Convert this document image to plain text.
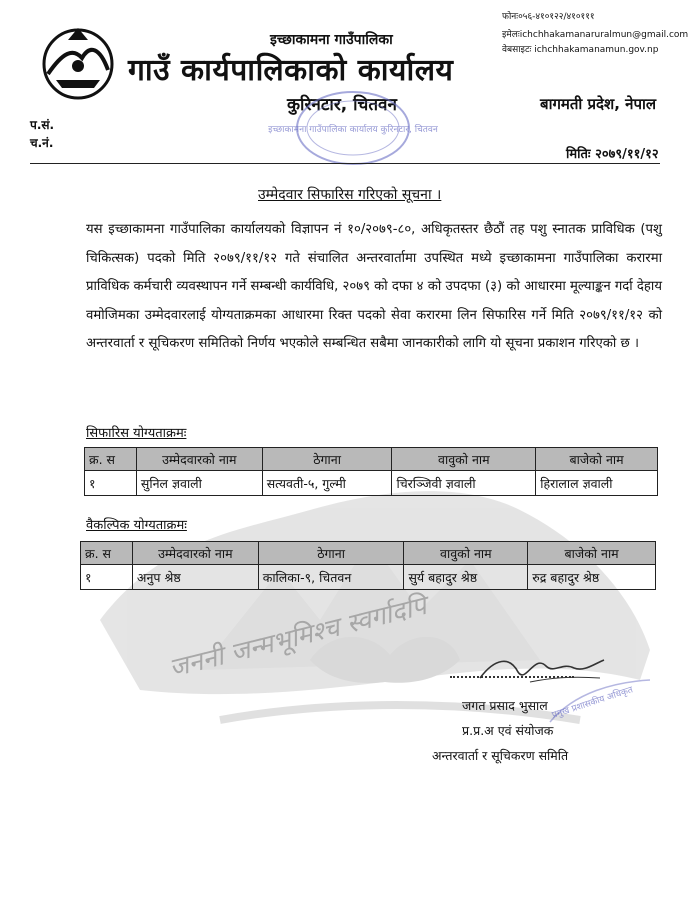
जननी जन्मभूमिश्च स्वर्गादपि
इच्छाकामना गाउँपालिका
गाउँ कार्यपालिकाको कार्यालय
कुरिनटार, चितवन	बागमती प्रदेश, नेपाल
फोनः०५६-४१०१२२/४१०१११
इमेलःichchhakamanaruralmun@gmail.com
वेबसाइटः ichchhakamanamun.gov.np
इच्छाकामना गाउँपालिका कार्यालय कुरिनटार, चितवन
प.सं.
च.नं.
मितिः २०७९/११/१२
उम्मेदवार सिफारिस गरिएको सूचना ।

यस इच्छाकामना गाउँपालिका कार्यालयको विज्ञापन नं १०/२०७९-८०, अधिकृतस्तर छैठौं तह पशु स्नातक प्राविधिक (पशु चिकित्सक) पदको मिति २०७९/११/१२ गते संचालित अन्तरवार्तामा उपस्थित मध्ये इच्छाकामना गाउँपालिका करारमा प्राविधिक कर्मचारी व्यवस्थापन गर्ने सम्बन्धी कार्यविधि, २०७९ को दफा ४ को उपदफा (३) को आधारमा मूल्याङ्कन गर्दा देहाय वमोजिमका उम्मेदवारलाई योग्यताक्रमका आधारमा रिक्त पदको सेवा करारमा लिन सिफारिस गर्ने मिति २०७९/११/१२ को अन्तरवार्ता र सूचिकरण समितिको निर्णय भएकोले सम्बन्धित सबैमा जानकारीको लागि यो सूचना प्रकाशन गरिएको छ ।

सिफारिस योग्यताक्रमः
क्र. स	उम्मेदवारको नाम	ठेगाना	वावुको नाम	बाजेको नाम
१	सुनिल ज्ञवाली	सत्यवती-५, गुल्मी	चिरञ्जिवी ज्ञवाली	हिरालाल ज्ञवाली
वैकल्पिक योग्यताक्रमः
क्र. स	उम्मेदवारको नाम	ठेगाना	वावुको नाम	बाजेको नाम
१	अनुप श्रेष्ठ	कालिका-९, चितवन	सुर्य बहादुर श्रेष्ठ	रुद्र बहादुर श्रेष्ठ
प्रमुख प्रशासकीय अधिकृत
जगत प्रसाद भुसाल
प्र.प्र.अ एवं संयोजक
अन्तरवार्ता र सूचिकरण समिति
